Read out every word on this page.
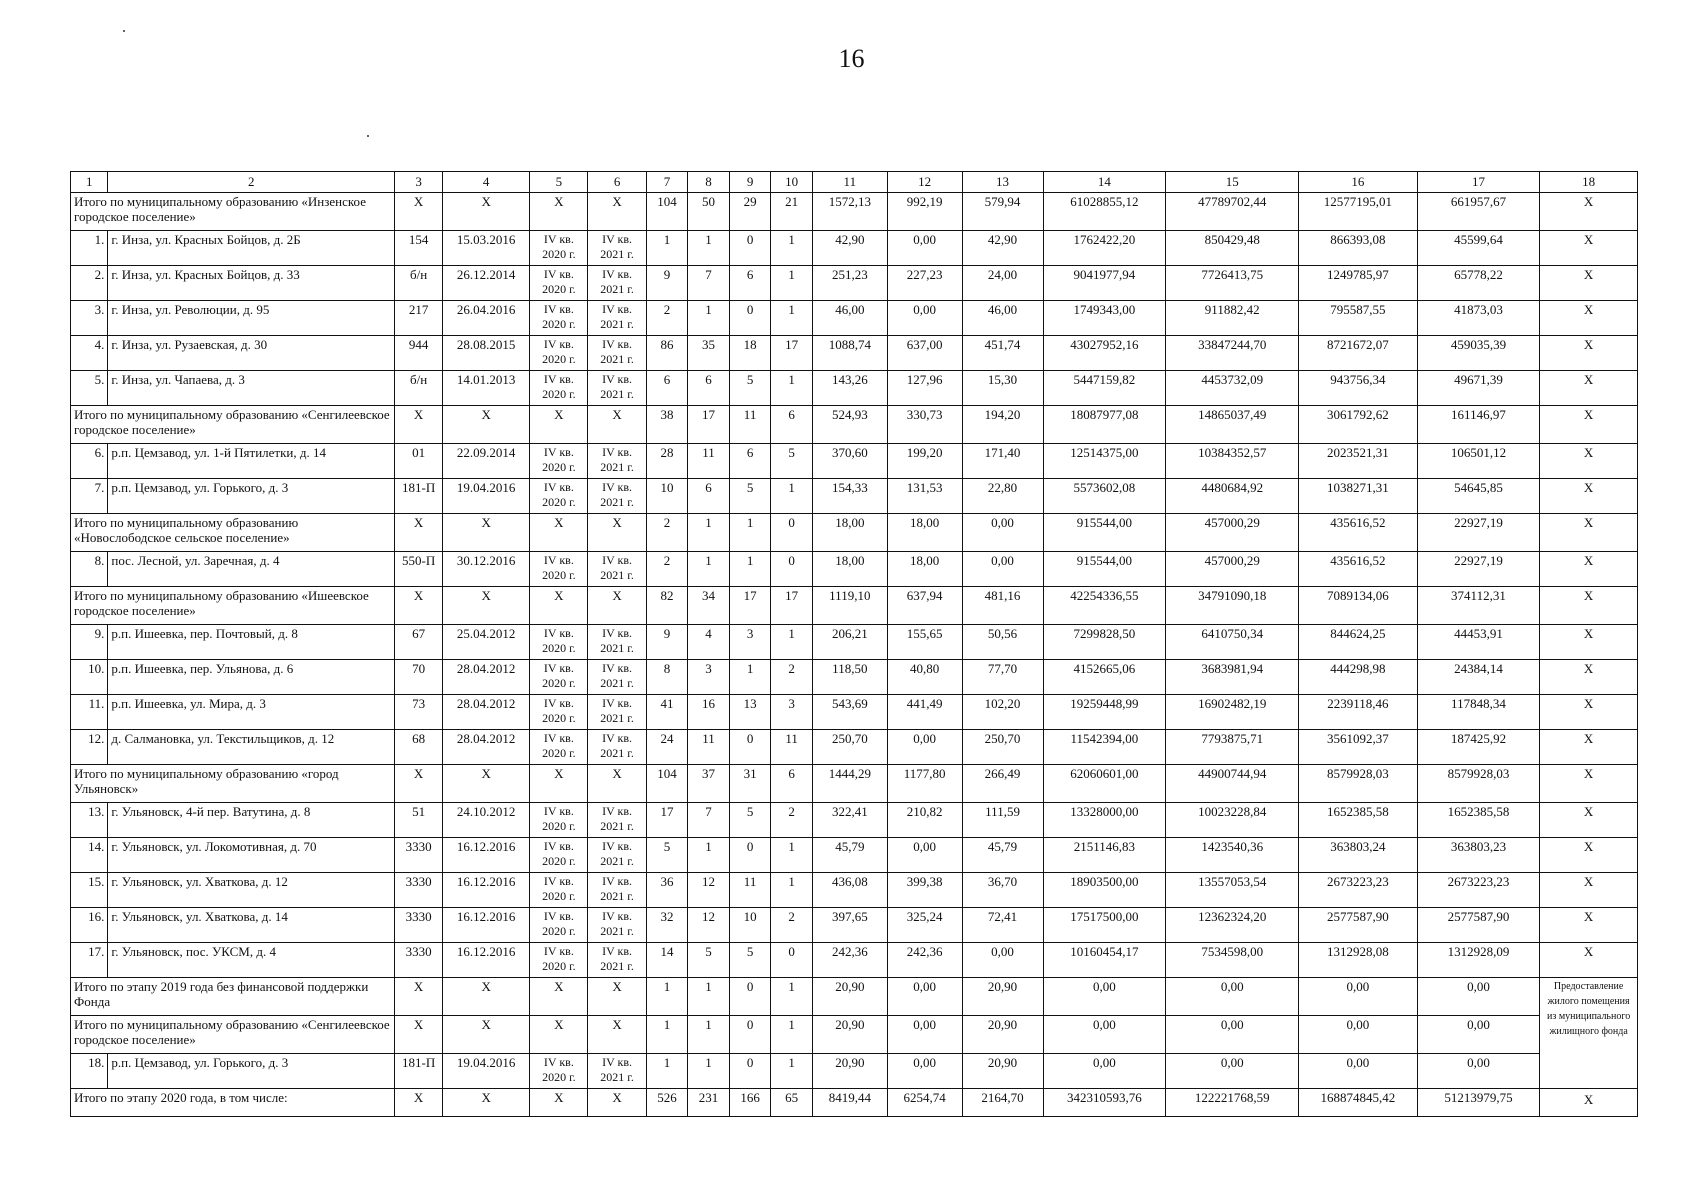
16
1	2	3	4	5	6	7	8	9	10	11	12	13	14	15	16	17	18
Итого по муниципальному образованию «Инзенское городское поселение»		X	X	X	X	104	50	29	21	1572,13	992,19	579,94	61028855,12	47789702,44	12577195,01	661957,67	X
1.	г. Инза, ул. Красных Бойцов, д. 2Б	154	15.03.2016	IV кв. 2020 г.	IV кв. 2021 г.	1	1	0	1	42,90	0,00	42,90	1762422,20	850429,48	866393,08	45599,64	X
2.	г. Инза, ул. Красных Бойцов, д. 33	б/н	26.12.2014	IV кв. 2020 г.	IV кв. 2021 г.	9	7	6	1	251,23	227,23	24,00	9041977,94	7726413,75	1249785,97	65778,22	X
3.	г. Инза, ул. Революции, д. 95	217	26.04.2016	IV кв. 2020 г.	IV кв. 2021 г.	2	1	0	1	46,00	0,00	46,00	1749343,00	911882,42	795587,55	41873,03	X
4.	г. Инза, ул. Рузаевская, д. 30	944	28.08.2015	IV кв. 2020 г.	IV кв. 2021 г.	86	35	18	17	1088,74	637,00	451,74	43027952,16	33847244,70	8721672,07	459035,39	X
5.	г. Инза, ул. Чапаева, д. 3	б/н	14.01.2013	IV кв. 2020 г.	IV кв. 2021 г.	6	6	5	1	143,26	127,96	15,30	5447159,82	4453732,09	943756,34	49671,39	X
Итого по муниципальному образованию «Сенгилеевское городское поселение»		X	X	X	X	38	17	11	6	524,93	330,73	194,20	18087977,08	14865037,49	3061792,62	161146,97	X
6.	р.п. Цемзавод, ул. 1-й Пятилетки, д. 14	01	22.09.2014	IV кв. 2020 г.	IV кв. 2021 г.	28	11	6	5	370,60	199,20	171,40	12514375,00	10384352,57	2023521,31	106501,12	X
7.	р.п. Цемзавод, ул. Горького, д. 3	181-П	19.04.2016	IV кв. 2020 г.	IV кв. 2021 г.	10	6	5	1	154,33	131,53	22,80	5573602,08	4480684,92	1038271,31	54645,85	X
Итого по муниципальному образованию «Новослободское сельское поселение»		X	X	X	X	2	1	1	0	18,00	18,00	0,00	915544,00	457000,29	435616,52	22927,19	X
8.	пос. Лесной, ул. Заречная, д. 4	550-П	30.12.2016	IV кв. 2020 г.	IV кв. 2021 г.	2	1	1	0	18,00	18,00	0,00	915544,00	457000,29	435616,52	22927,19	X
Итого по муниципальному образованию «Ишеевское городское поселение»		X	X	X	X	82	34	17	17	1119,10	637,94	481,16	42254336,55	34791090,18	7089134,06	374112,31	X
9.	р.п. Ишеевка, пер. Почтовый, д. 8	67	25.04.2012	IV кв. 2020 г.	IV кв. 2021 г.	9	4	3	1	206,21	155,65	50,56	7299828,50	6410750,34	844624,25	44453,91	X
10.	р.п. Ишеевка, пер. Ульянова, д. 6	70	28.04.2012	IV кв. 2020 г.	IV кв. 2021 г.	8	3	1	2	118,50	40,80	77,70	4152665,06	3683981,94	444298,98	24384,14	X
11.	р.п. Ишеевка, ул. Мира, д. 3	73	28.04.2012	IV кв. 2020 г.	IV кв. 2021 г.	41	16	13	3	543,69	441,49	102,20	19259448,99	16902482,19	2239118,46	117848,34	X
12.	д. Салмановка, ул. Текстильщиков, д. 12	68	28.04.2012	IV кв. 2020 г.	IV кв. 2021 г.	24	11	0	11	250,70	0,00	250,70	11542394,00	7793875,71	3561092,37	187425,92	X
Итого по муниципальному образованию «город Ульяновск»		X	X	X	X	104	37	31	6	1444,29	1177,80	266,49	62060601,00	44900744,94	8579928,03	8579928,03	X
13.	г. Ульяновск, 4-й пер. Ватутина, д. 8	51	24.10.2012	IV кв. 2020 г.	IV кв. 2021 г.	17	7	5	2	322,41	210,82	111,59	13328000,00	10023228,84	1652385,58	1652385,58	X
14.	г. Ульяновск, ул. Локомотивная, д. 70	3330	16.12.2016	IV кв. 2020 г.	IV кв. 2021 г.	5	1	0	1	45,79	0,00	45,79	2151146,83	1423540,36	363803,24	363803,23	X
15.	г. Ульяновск, ул. Хваткова, д. 12	3330	16.12.2016	IV кв. 2020 г.	IV кв. 2021 г.	36	12	11	1	436,08	399,38	36,70	18903500,00	13557053,54	2673223,23	2673223,23	X
16.	г. Ульяновск, ул. Хваткова, д. 14	3330	16.12.2016	IV кв. 2020 г.	IV кв. 2021 г.	32	12	10	2	397,65	325,24	72,41	17517500,00	12362324,20	2577587,90	2577587,90	X
17.	г. Ульяновск, пос. УКСМ, д. 4	3330	16.12.2016	IV кв. 2020 г.	IV кв. 2021 г.	14	5	5	0	242,36	242,36	0,00	10160454,17	7534598,00	1312928,08	1312928,09	X
Итого по этапу 2019 года без финансовой поддержки Фонда		X	X	X	X	1	1	0	1	20,90	0,00	20,90	0,00	0,00	0,00	0,00	Предоставление жилого помещения из муниципального жилищного фонда
Итого по муниципальному образованию «Сенгилеевское городское поселение»		X	X	X	X	1	1	0	1	20,90	0,00	20,90	0,00	0,00	0,00	0,00	
18.	р.п. Цемзавод, ул. Горького, д. 3	181-П	19.04.2016	IV кв. 2020 г.	IV кв. 2021 г.	1	1	0	1	20,90	0,00	20,90	0,00	0,00	0,00	0,00	
Итого по этапу 2020 года, в том числе:		X	X	X	X	526	231	166	65	8419,44	6254,74	2164,70	342310593,76	122221768,59	168874845,42	51213979,75	X
